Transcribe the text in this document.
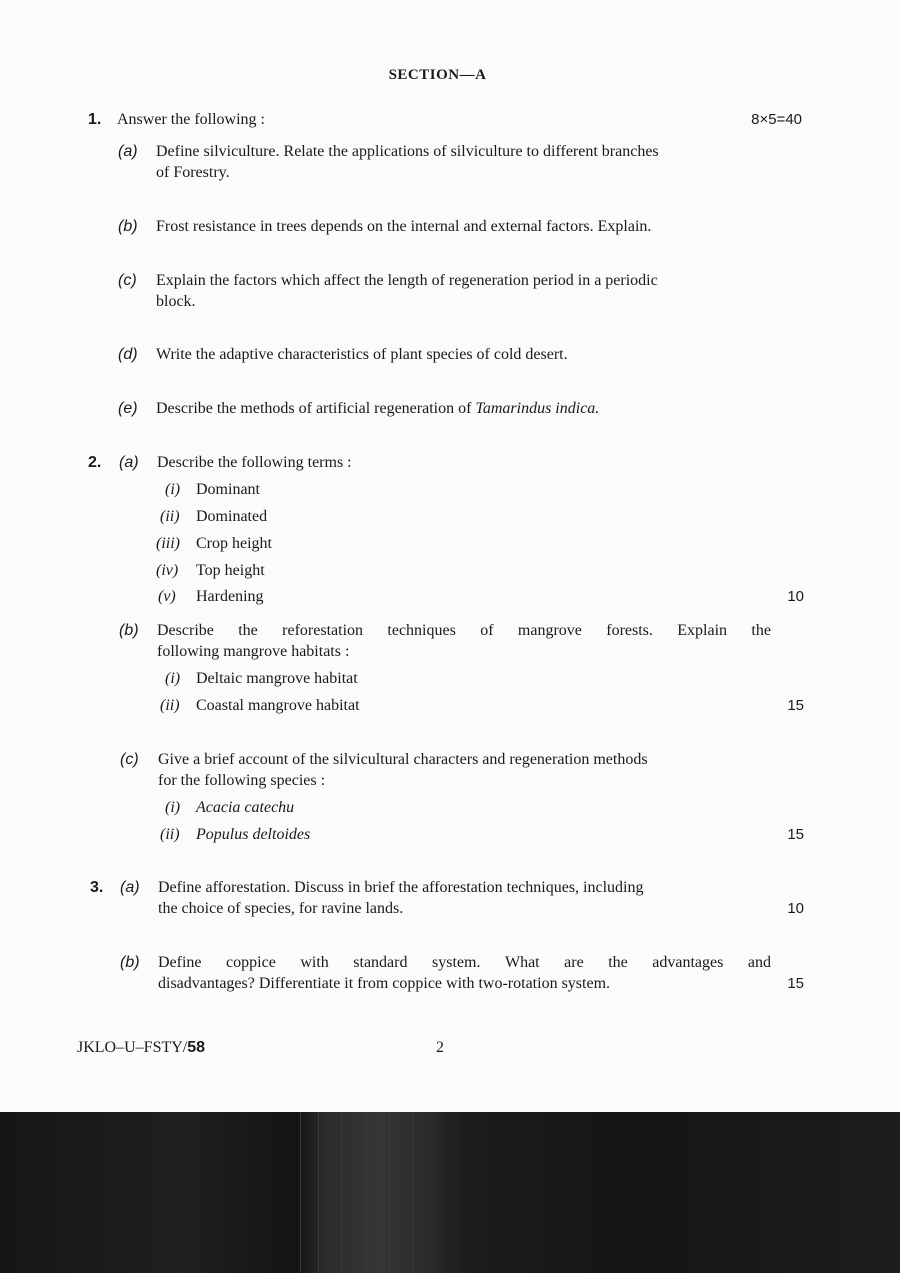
SECTION—A
1. Answer the following :	8×5=40
(a) Define silviculture. Relate the applications of silviculture to different branches
of Forestry.
(b) Frost resistance in trees depends on the internal and external factors. Explain.
(c) Explain the factors which affect the length of regeneration period in a periodic
block.
(d) Write the adaptive characteristics of plant species of cold desert.
(e) Describe the methods of artificial regeneration of Tamarindus indica.
2. (a) Describe the following terms :
(i) Dominant
(ii) Dominated
(iii) Crop height
(iv) Top height
(v) Hardening	10
(b) Describe the reforestation techniques of mangrove forests. Explain the
following mangrove habitats :
(i) Deltaic mangrove habitat
(ii) Coastal mangrove habitat	15
(c) Give a brief account of the silvicultural characters and regeneration methods
for the following species :
(i) Acacia catechu
(ii) Populus deltoides	15
3. (a) Define afforestation. Discuss in brief the afforestation techniques, including
the choice of species, for ravine lands.	10
(b) Define coppice with standard system. What are the advantages and
disadvantages? Differentiate it from coppice with two-rotation system.	15
JKLO–U–FSTY/58	2
